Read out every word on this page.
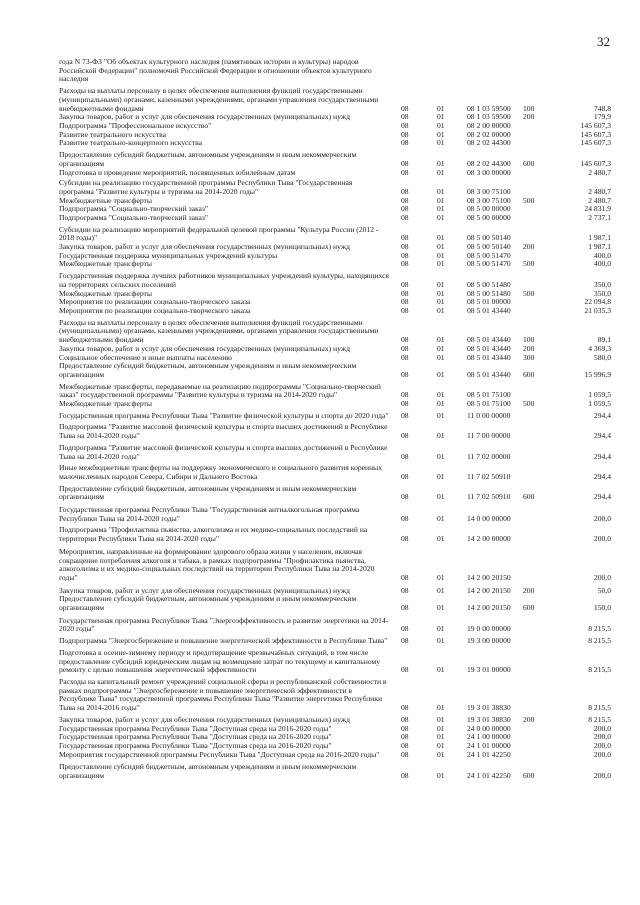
32
года N 73-ФЗ "Об объектах культурного наследия (памятниках истории и культуры) народов Российской Федерации" полномочий Российской Федерации в отношении объектов культурного наследия
Расходы на выплаты персоналу в целях обеспечения выполнения функций государственными (муниципальными) органами, казенными учреждениями, органами управления государственными внебюджетными фондами	08	01	08 1 03 59500 100	748,8
Закупка товаров, работ и услуг для обеспечения государственных (муниципальных) нужд	08	01	08 1 03 59500 200	179,9
Подпрограмма "Профессиональное искусство"	08	01	08 2 00 00000	145 607,3
Развитие театрального искусства	08	01	08 2 02 00000	145 607,3
Развитие театрально-концертного искусства	08	01	08 2 02 44300	145 607,3
Предоставление субсидий бюджетным, автономным учреждениям и иным некоммерческим организациям	08	01	08 2 02 44300 600	145 607,3
Подготовка и проведение мероприятий, посвященных юбилейным датам	08	01	08 3 00 00000	2 480,7
Субсидии на реализацию государственной программы Республики Тыва "Государственная программа "Развитие культуры и туризма на 2014-2020 годы"	08	01	08 3 00 75100	2 480,7
Межбюджетные трансферты	08	01	08 3 00 75100 500	2 480,7
Подпрограмма "Социально-творческий заказ"	08	01	08 5 00 00000	24 831,9
Подпрограмма "Социально-творческий заказ"	08	01	08 5 00 00000	2 737,1
Субсидии на реализацию мероприятий федеральной целевой программы "Культура России (2012 - 2018 годы)"	08	01	08 5 00 50140	1 987,1
Закупка товаров, работ и услуг для обеспечения государственных (муниципальных) нужд	08	01	08 5 00 50140 200	1 987,1
Государственная поддержка муниципальных учреждений культуры	08	01	08 5 00 51470	400,0
Межбюджетные трансферты	08	01	08 5 00 51470 500	400,0
Государственная поддержка лучших работников муниципальных учреждений культуры, находящихся на территориях сельских поселений	08	01	08 5 00 51480	350,0
Межбюджетные трансферты	08	01	08 5 00 51480 500	350,0
Мероприятия по реализации социально-творческого заказа	08	01	08 5 01 00000	22 094,8
Мероприятия по реализации социально-творческого заказа	08	01	08 5 01 43440	21 035,3
Расходы на выплаты персоналу в целях обеспечения выполнения функций государственными (муниципальными) органами, казенными учреждениями, органами управления государственными внебюджетными фондами	08	01	08 5 01 43440 100	89,1
Закупка товаров, работ и услуг для обеспечения государственных (муниципальных) нужд	08	01	08 5 01 43440 200	4 369,3
Социальное обеспечение и иные выплаты населению	08	01	08 5 01 43440 300	580,0
Предоставление субсидий бюджетным, автономным учреждениям и иным некоммерческим организациям	08	01	08 5 01 43440 600	15 996,9
Межбюджетные трансферты, передаваемые на реализацию подпрограммы "Социально-творческий заказ" государственной программы "Развитие культуры и туризма на 2014-2020 годы"	08	01	08 5 01 75100	1 059,5
Межбюджетные трансферты	08	01	08 5 01 75100 500	1 059,5
Государственная программа Республики Тыва "Развитие физической культуры и спорта до 2020 года" 08	01	11 0 00 00000	294,4
Подпрограмма "Развитие массовой физической культуры и спорта высших достижений в Республике Тыва на 2014-2020 годы"	08	01	11 7 00 00000	294,4
Подпрограмма "Развитие массовой физической культуры и спорта высших достижений в Республике Тыва на 2014-2020 годы"	08	01	11 7 02 00000	294,4
Иные межбюджетные трансферты на поддержку экономического и социального развития коренных малочисленных народов Севера, Сибири и Дальнего Востока	08	01	11 7 02 50910	294,4
Предоставление субсидий бюджетным, автономным учреждениям и иным некоммерческим организациям	08	01	11 7 02 50910 600	294,4
Государственная программа Республики Тыва "Государственная антиалкогольная программа Республики Тыва на 2014-2020 годы"	08	01	14 0 00 00000	200,0
Подпрограмма "Профилактика пьянства, алкоголизма и их медико-социальных последствий на территории Республики Тыва на 2014-2020 годы"	08	01	14 2 00 00000	200,0
Мероприятия, направленные на формирование здорового образа жизни у населения, включая сокращение потребления алкоголя и табака, в рамках подпрограммы "Профилактика пьянства, алкоголизма и их медико-социальных последствий на территории Республики Тыва на 2014-2020 годы"	08	01	14 2 00 20150	200,0
Закупка товаров, работ и услуг для обеспечения государственных (муниципальных) нужд	08	01	14 2 00 20150 200	50,0
Предоставление субсидий бюджетным, автономным учреждениям и иным некоммерческим организациям	08	01	14 2 00 20150 600	150,0
Государственная программа Республики Тыва "Энергоэффективность и развитие энергетики на 2014-2020 годы"	08	01	19 0 00 00000	8 215,5
Подпрограмма "Энергосбережение и повышение энергетической эффективности в Республике Тыва" 08	01	19 3 00 00000	8 215,5
Подготовка к осенне-зимнему периоду и предотвращение чрезвычайных ситуаций, в том числе предоставление субсидий юридическим лицам на возмещение затрат по текущему и капитальному ремонту с целью повышения энергетической эффективности	08	01	19 3 01 00000	8 215,5
Расходы на капитальный ремонт учреждений социальной сферы и республиканской собственности в рамках подпрограммы "Энергосбережение и повышение энергетической эффективности в Республике Тыва" государственной программы Республики Тыва "Развитие энергетики Республики Тыва на 2014-2016 годы"	08	01	19 3 01 38830	8 215,5
Закупка товаров, работ и услуг для обеспечения государственных (муниципальных) нужд	08	01	19 3 01 38830 200	8 215,5
Государственная программа Республики Тыва "Доступная среда на 2016-2020 годы"	08	01	24 0 00 00000	200,0
Государственная программа Республики Тыва "Доступная среда на 2016-2020 годы"	08	01	24 1 00 00000	200,0
Государственная программа Республики Тыва "Доступная среда на 2016-2020 годы"	08	01	24 1 01 00000	200,0
Мероприятия государственной программы Республики Тыва "Доступная среда на 2016-2020 годы"	08	01	24 1 01 42250	200,0
Предоставление субсидий бюджетным, автономным учреждениям и иным некоммерческим организациям	08	01	24 1 01 42250 600	200,0
